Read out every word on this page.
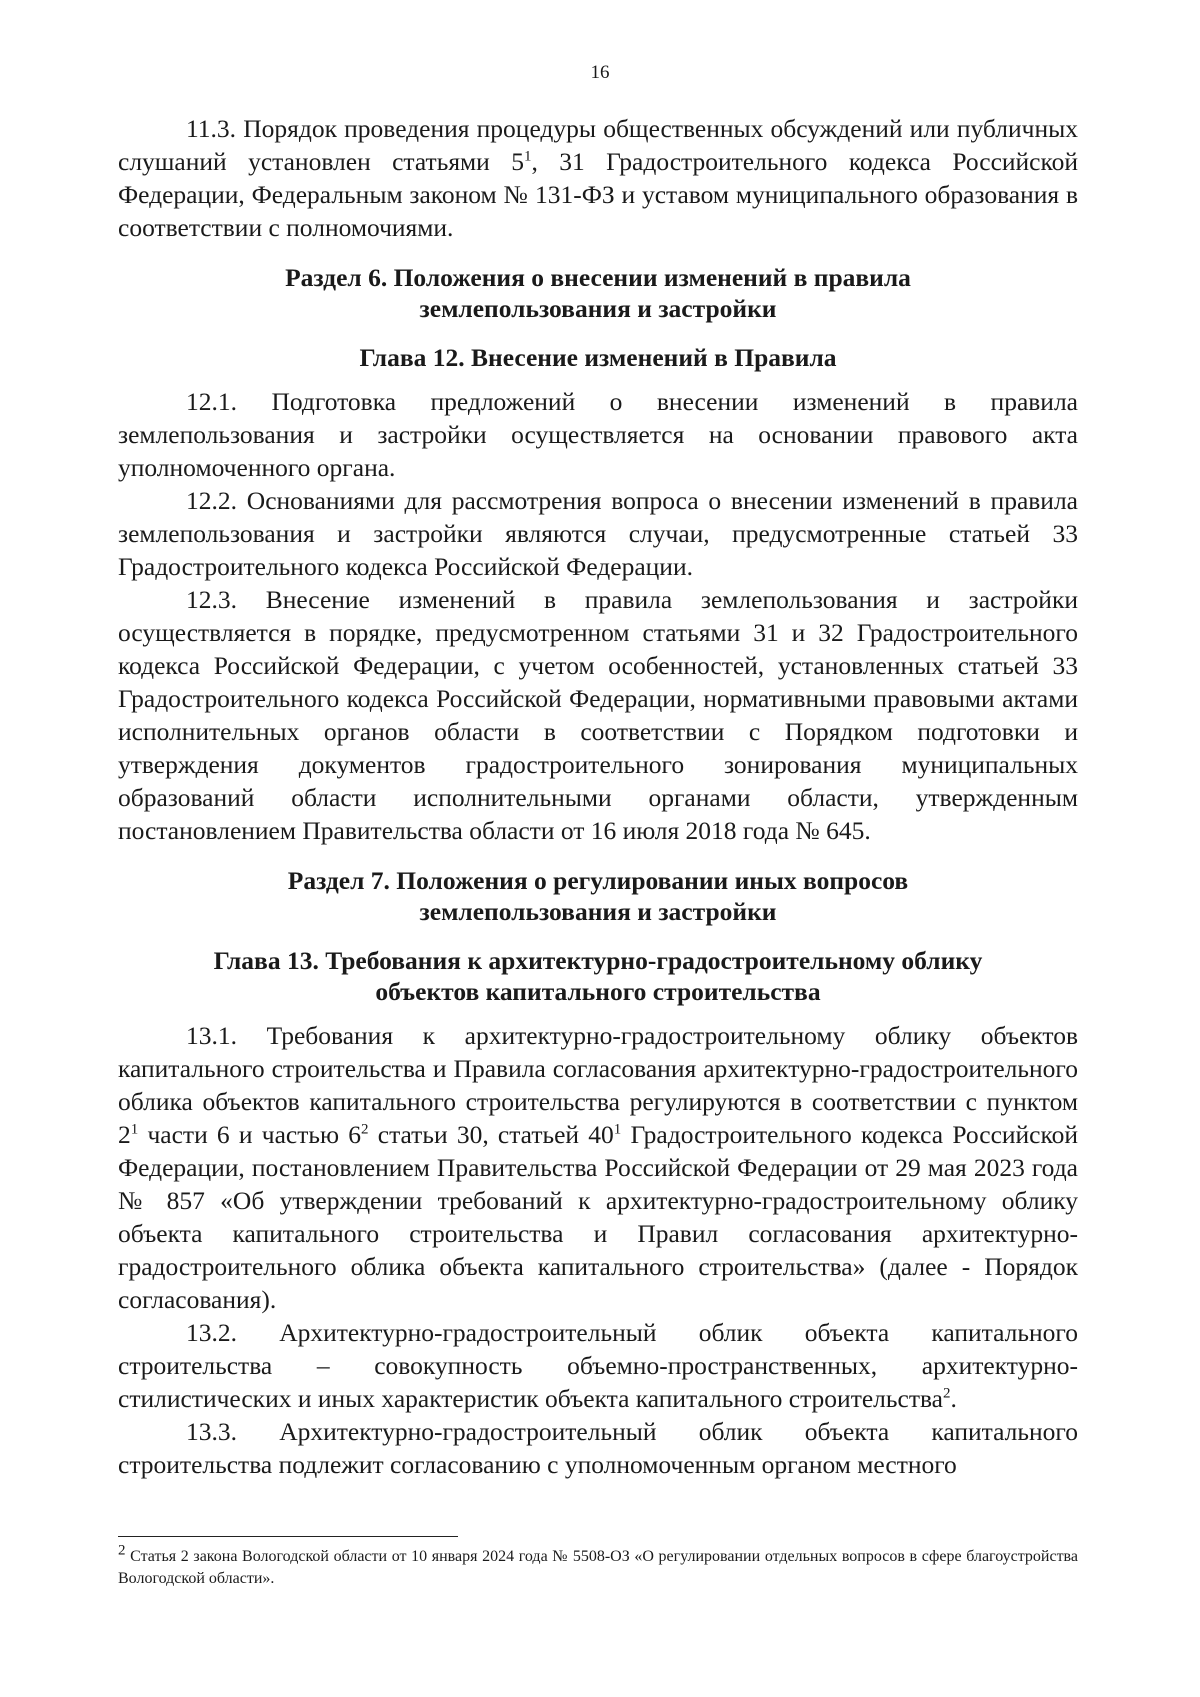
16

11.3. Порядок проведения процедуры общественных обсуждений или публичных слушаний установлен статьями $5^1$, 31 Градостроительного кодекса Российской Федерации, Федеральным законом № 131-ФЗ и уставом муниципального образования в соответствии с полномочиями.

Раздел 6. Положения о внесении изменений в правила
землепользования и застройки
Глава 12. Внесение изменений в Правила

12.1. Подготовка предложений о внесении изменений в правила землепользования и застройки осуществляется на основании правового акта уполномоченного органа.

12.2. Основаниями для рассмотрения вопроса о внесении изменений в правила землепользования и застройки являются случаи, предусмотренные статьей 33 Градостроительного кодекса Российской Федерации.

12.3. Внесение изменений в правила землепользования и застройки осуществляется в порядке, предусмотренном статьями 31 и 32 Градостроительного кодекса Российской Федерации, с учетом особенностей, установленных статьей 33 Градостроительного кодекса Российской Федерации, нормативными правовыми актами исполнительных органов области в соответствии с Порядком подготовки и утверждения документов градостроительного зонирования муниципальных образований области исполнительными органами области, утвержденным постановлением Правительства области от 16 июля 2018 года № 645.

Раздел 7. Положения о регулировании иных вопросов
землепользования и застройки
Глава 13. Требования к архитектурно-градостроительному облику
объектов капитального строительства

13.1. Требования к архитектурно-градостроительному облику объектов капитального строительства и Правила согласования архитектурно-градостроительного облика объектов капитального строительства регулируются в соответствии с пунктом $2^1$ части 6 и частью $6^2$ статьи 30, статьей $40^1$ Градостроительного кодекса Российской Федерации, постановлением Правительства Российской Федерации от 29 мая 2023 года № 857 «Об утверждении требований к архитектурно-градостроительному облику объекта капитального строительства и Правил согласования архитектурно-градостроительного облика объекта капитального строительства» (далее - Порядок согласования).

13.2. Архитектурно-градостроительный облик объекта капитального строительства – совокупность объемно-пространственных, архитектурно-стилистических и иных характеристик объекта капитального строительства$^2$.

13.3. Архитектурно-градостроительный облик объекта капитального строительства подлежит согласованию с уполномоченным органом местного

$^2$ Статья 2 закона Вологодской области от 10 января 2024 года № 5508-ОЗ «О регулировании отдельных вопросов в сфере благоустройства Вологодской области».
